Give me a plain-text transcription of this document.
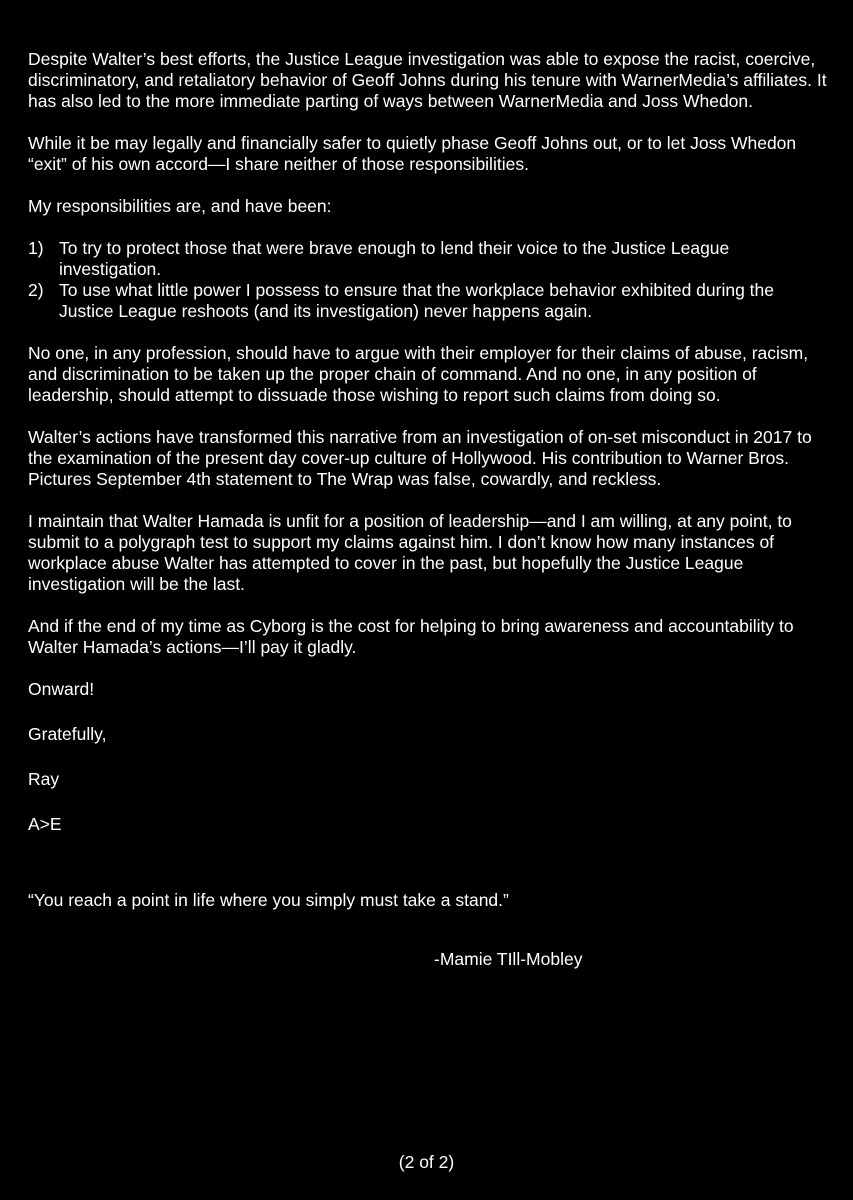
Despite Walter’s best efforts, the Justice League investigation was able to expose the racist, coercive, discriminatory, and retaliatory behavior of Geoff Johns during his tenure with WarnerMedia’s affiliates. It has also led to the more immediate parting of ways between WarnerMedia and Joss Whedon.

While it be may legally and financially safer to quietly phase Geoff Johns out, or to let Joss Whedon “exit” of his own accord—I share neither of those responsibilities.

My responsibilities are, and have been:

1) To try to protect those that were brave enough to lend their voice to the Justice League investigation.
2) To use what little power I possess to ensure that the workplace behavior exhibited during the Justice League reshoots (and its investigation) never happens again.

No one, in any profession, should have to argue with their employer for their claims of abuse, racism, and discrimination to be taken up the proper chain of command. And no one, in any position of leadership, should attempt to dissuade those wishing to report such claims from doing so.

Walter’s actions have transformed this narrative from an investigation of on-set misconduct in 2017 to the examination of the present day cover-up culture of Hollywood. His contribution to Warner Bros. Pictures September 4th statement to The Wrap was false, cowardly, and reckless.

I maintain that Walter Hamada is unfit for a position of leadership—and I am willing, at any point, to submit to a polygraph test to support my claims against him. I don’t know how many instances of workplace abuse Walter has attempted to cover in the past, but hopefully the Justice League investigation will be the last.

And if the end of my time as Cyborg is the cost for helping to bring awareness and accountability to Walter Hamada’s actions—I’ll pay it gladly.

Onward!

Gratefully,

Ray

A>E

“You reach a point in life where you simply must take a stand.”

-Mamie TIll-Mobley

(2 of 2)
